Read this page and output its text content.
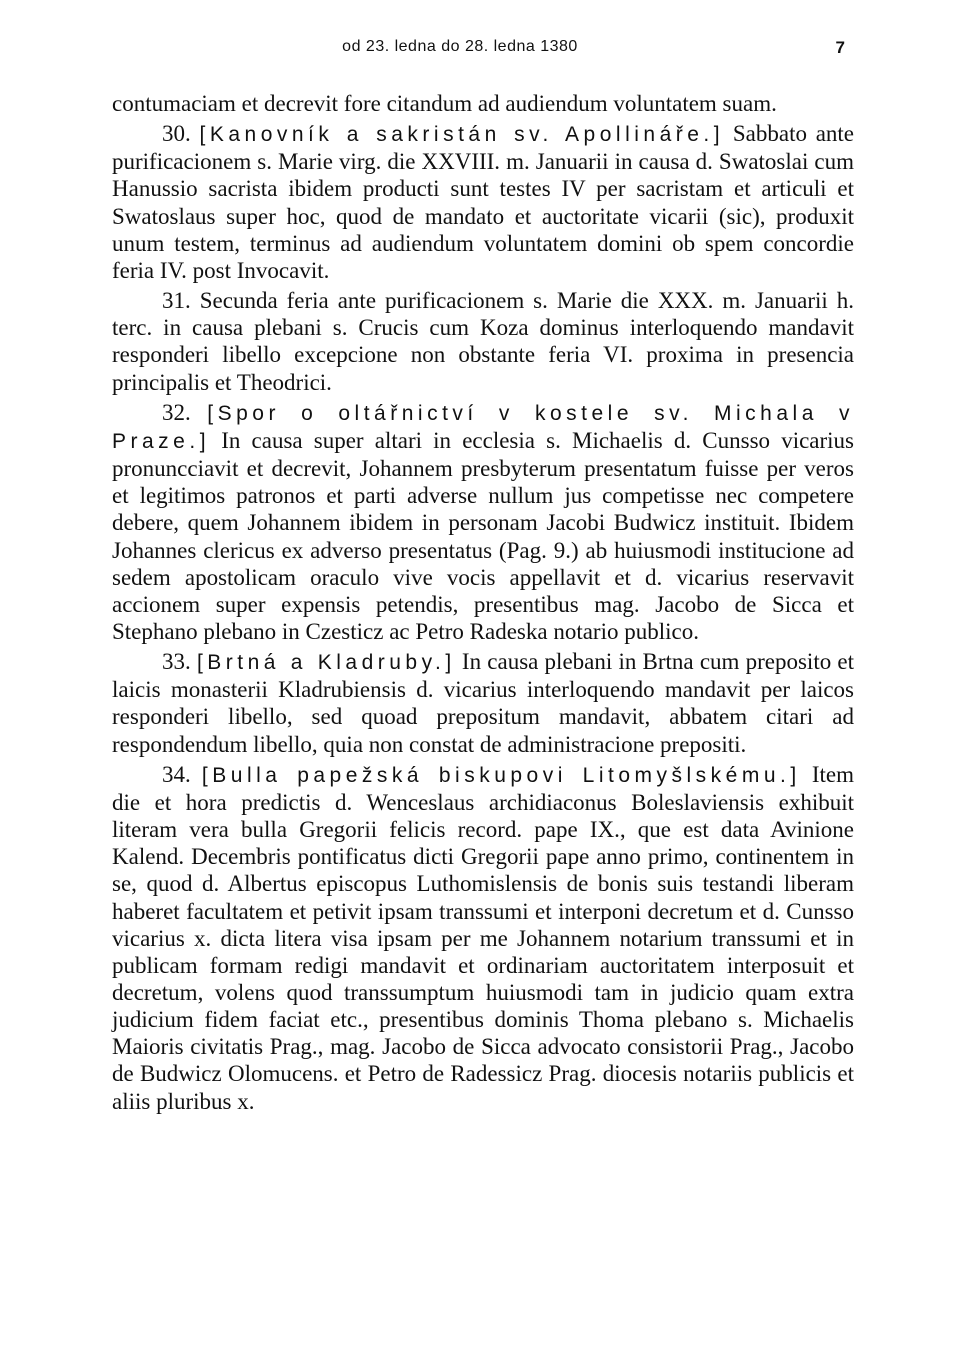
od 23. ledna do 28. ledna 1380	7

contumaciam et decrevit fore citandum ad audiendum voluntatem suam.

30. [Kanovník a sakristán sv. Apollináře.] Sabbato ante purificacionem s. Marie virg. die XXVIII. m. Januarii in causa d. Swatoslai cum Hanussio sacrista ibidem producti sunt testes IV per sacristam et articuli et Swatoslaus super hoc, quod de mandato et auctoritate vicarii (sic), produxit unum testem, terminus ad audiendum voluntatem domini ob spem concordie feria IV. post Invocavit.

31. Secunda feria ante purificacionem s. Marie die XXX. m. Januarii h. terc. in causa plebani s. Crucis cum Koza dominus interloquendo mandavit responderi libello excepcione non obstante feria VI. proxima in presencia principalis et Theodrici.

32. [Spor o oltářnictví v kostele sv. Michala v Praze.] In causa super altari in ecclesia s. Michaelis d. Cunsso vicarius pronuncciavit et decrevit, Johannem presbyterum presentatum fuisse per veros et legitimos patronos et parti adverse nullum jus competisse nec competere debere, quem Johannem ibidem in personam Jacobi Budwicz instituit. Ibidem Johannes clericus ex adverso presentatus (Pag. 9.) ab huiusmodi institucione ad sedem apostolicam oraculo vive vocis appellavit et d. vicarius reservavit accionem super expensis petendis, presentibus mag. Jacobo de Sicca et Stephano plebano in Czesticz ac Petro Radeska notario publico.

33. [Brtná a Kladruby.] In causa plebani in Brtna cum preposito et laicis monasterii Kladrubiensis d. vicarius interloquendo mandavit per laicos responderi libello, sed quoad prepositum mandavit, abbatem citari ad respondendum libello, quia non constat de administracione prepositi.

34. [Bulla papežská biskupovi Litomyšlskému.] Item die et hora predictis d. Wenceslaus archidiaconus Boleslaviensis exhibuit literam vera bulla Gregorii felicis record. pape IX., que est data Avinione Kalend. Decembris pontificatus dicti Gregorii pape anno primo, continentem in se, quod d. Albertus episcopus Luthomislensis de bonis suis testandi liberam haberet facultatem et petivit ipsam transsumi et interponi decretum et d. Cunsso vicarius x. dicta litera visa ipsam per me Johannem notarium transsumi et in publicam formam redigi mandavit et ordinariam auctoritatem interposuit et decretum, volens quod transsumptum huiusmodi tam in judicio quam extra judicium fidem faciat etc., presentibus dominis Thoma plebano s. Michaelis Maioris civitatis Prag., mag. Jacobo de Sicca advocato consistorii Prag., Jacobo de Budwicz Olomucens. et Petro de Radessicz Prag. diocesis notariis publicis et aliis pluribus x.
